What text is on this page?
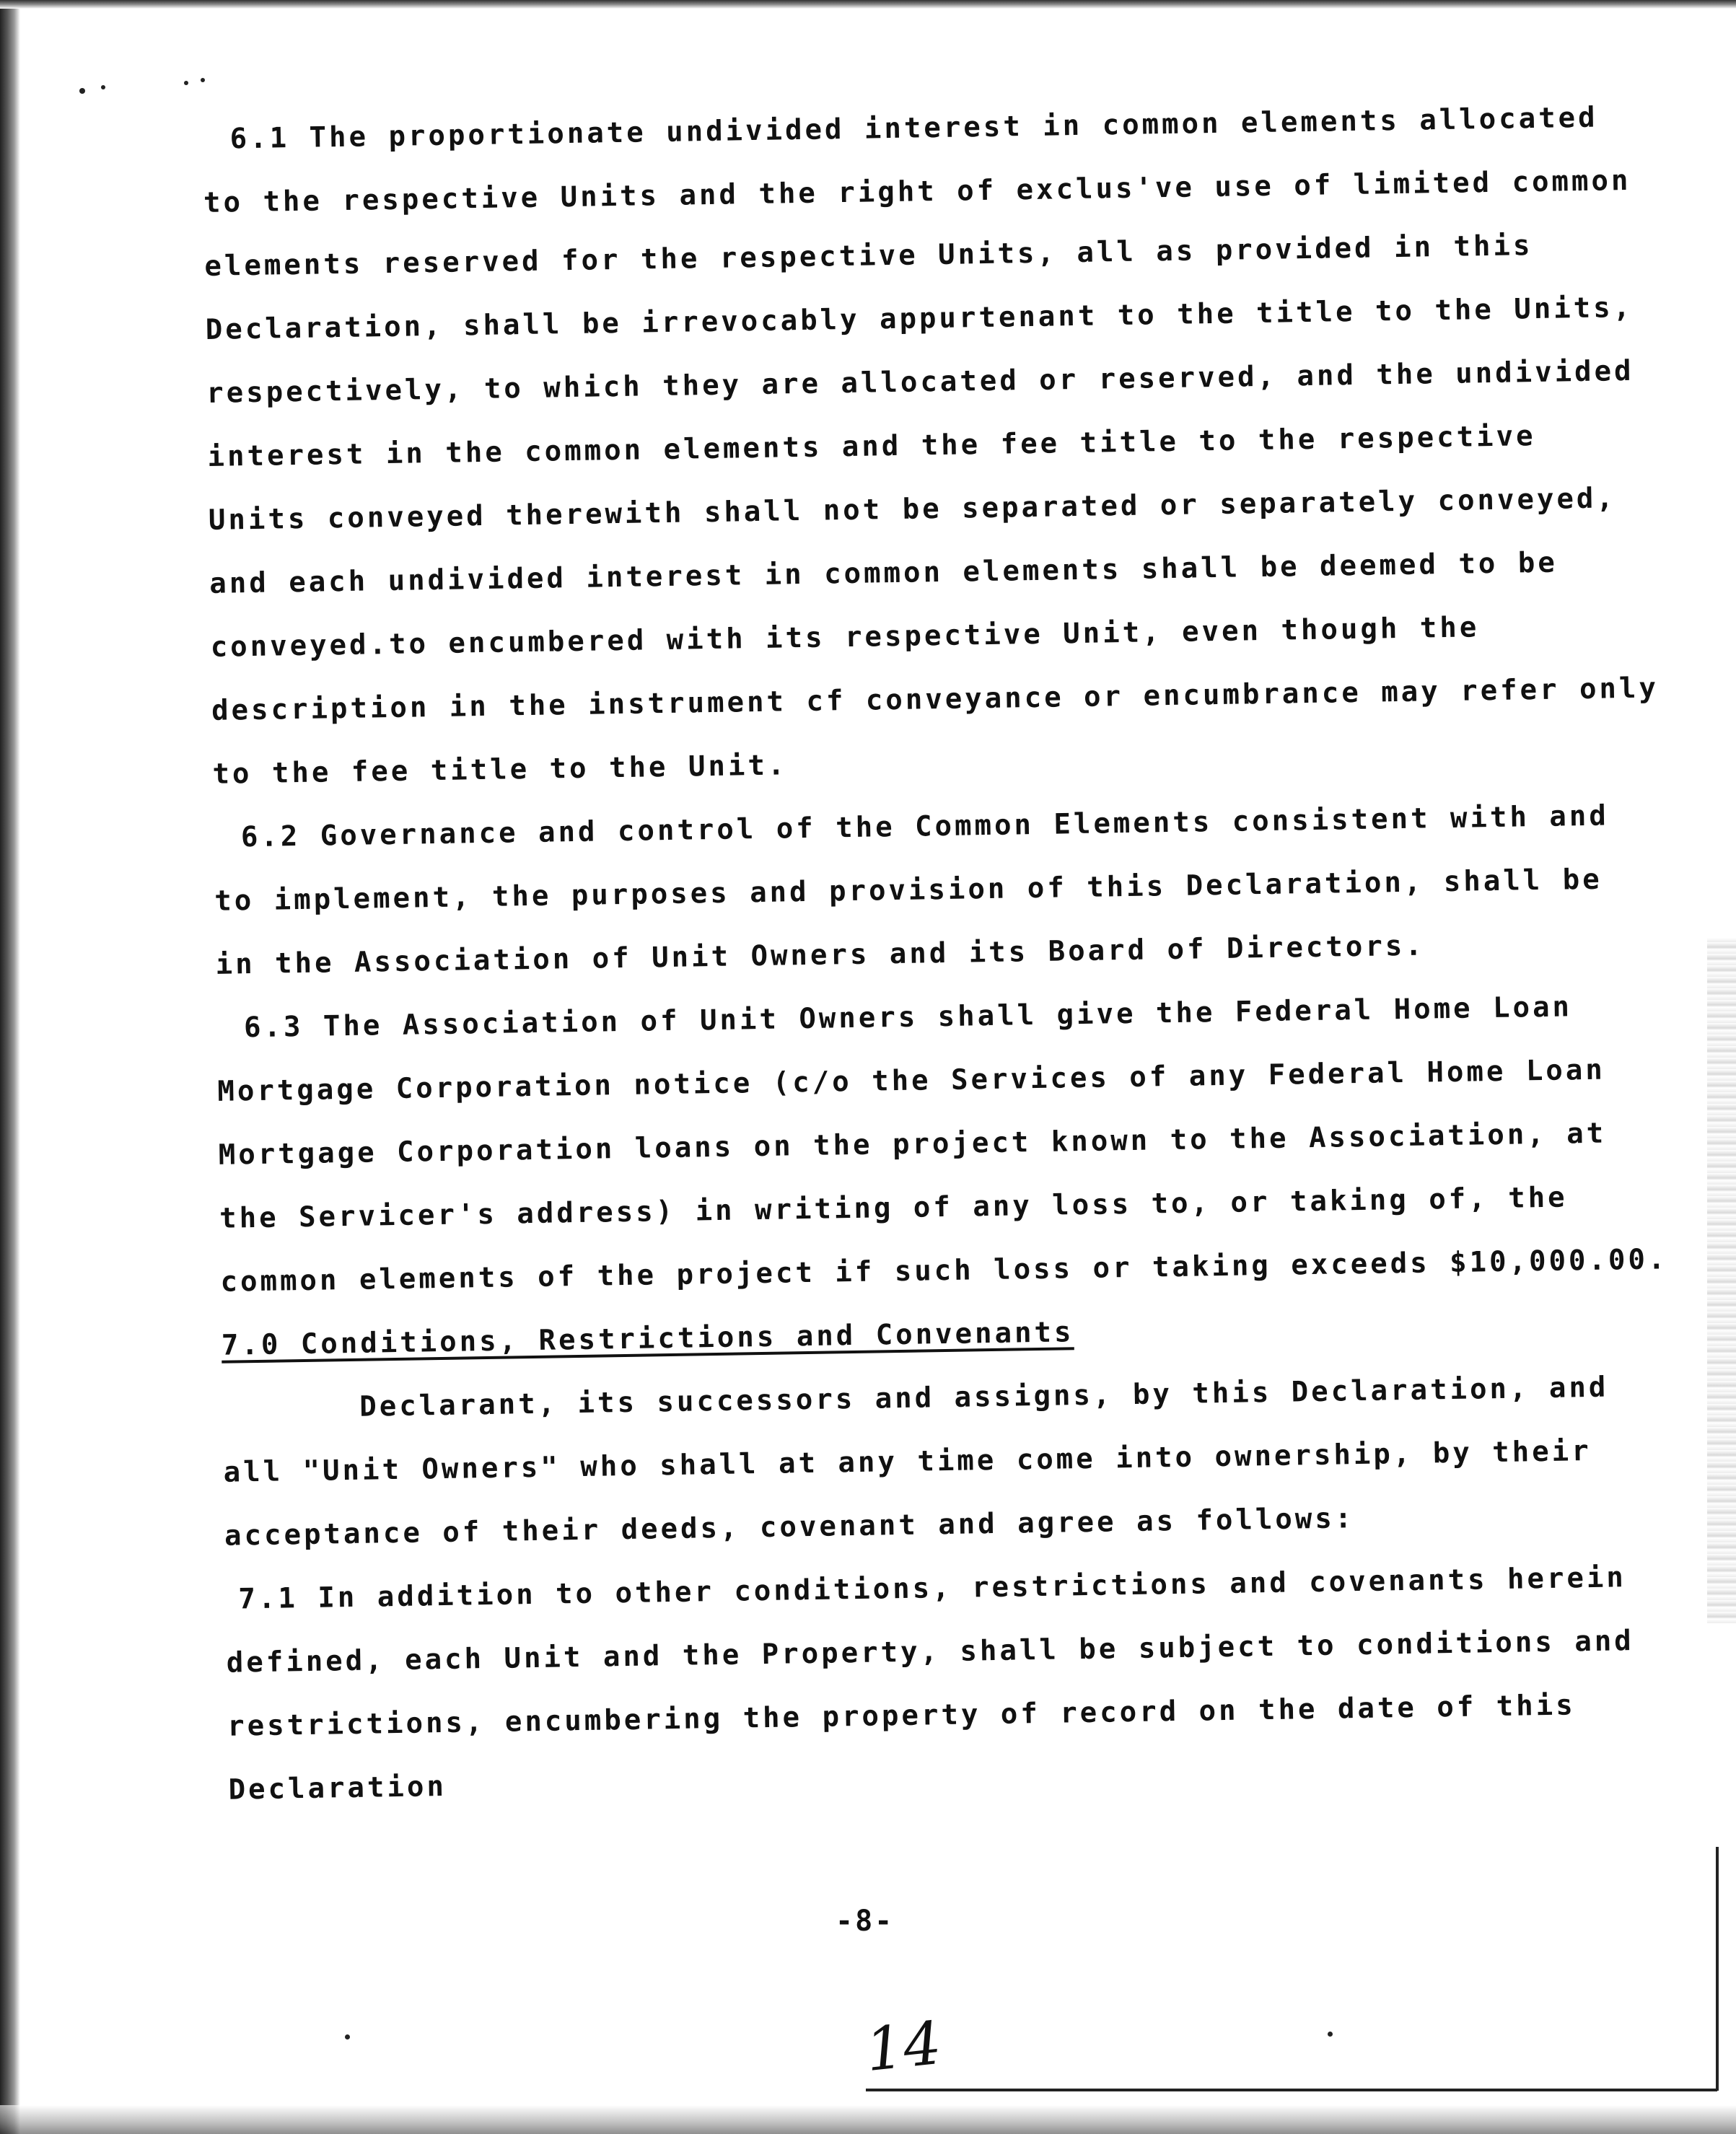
6.1 The proportionate undivided interest in common elements allocated
to the respective Units and the right of exclus've use of limited common
elements reserved for the respective Units, all as provided in this
Declaration, shall be irrevocably appurtenant to the title to the Units,
respectively, to which they are allocated or reserved, and the undivided
interest in the common elements and the fee title to the respective
Units conveyed therewith shall not be separated or separately conveyed,
and each undivided interest in common elements shall be deemed to be
conveyed.to encumbered with its respective Unit, even though the
description in the instrument cf conveyance or encumbrance may refer only
to the fee title to the Unit.
6.2 Governance and control of the Common Elements consistent with and
to implement, the purposes and provision of this Declaration, shall be
in the Association of Unit Owners and its Board of Directors.
6.3 The Association of Unit Owners shall give the Federal Home Loan
Mortgage Corporation notice (c/o the Services of any Federal Home Loan
Mortgage Corporation loans on the project known to the Association, at
the Servicer's address) in writing of any loss to, or taking of, the
common elements of the project if such loss or taking exceeds $10,000.00.
7.0 Conditions, Restrictions and Convenants
Declarant, its successors and assigns, by this Declaration, and
all "Unit Owners" who shall at any time come into ownership, by their
acceptance of their deeds, covenant and agree as follows:
7.1 In addition to other conditions, restrictions and covenants herein
defined, each Unit and the Property, shall be subject to conditions and
restrictions, encumbering the property of record on the date of this
Declaration
-8-
14
